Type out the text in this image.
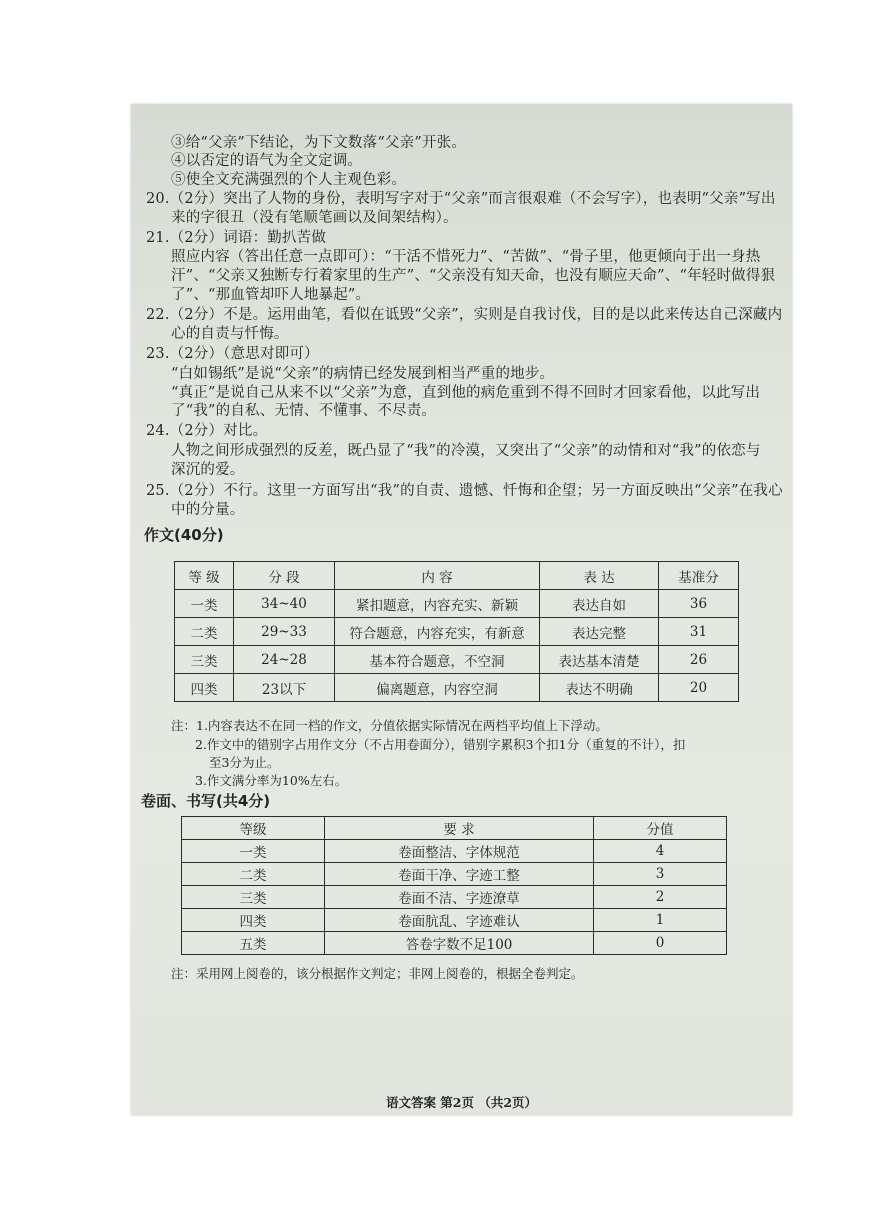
③给“父亲”下结论，为下文数落“父亲”开张。
④以否定的语气为全文定调。
⑤使全文充满强烈的个人主观色彩。
20.（2分）突出了人物的身份，表明写字对于“父亲”而言很艰难（不会写字），也表明“父亲”写出
来的字很丑（没有笔顺笔画以及间架结构）。
21.（2分）词语：勤扒苦做
照应内容（答出任意一点即可）：“干活不惜死力”、“苦做”、“骨子里，他更倾向于出一身热
汗”、“父亲又独断专行着家里的生产”、“父亲没有知天命，也没有顺应天命”、“年轻时做得狠
了”、“那血管却吓人地暴起”。
22.（2分）不是。运用曲笔，看似在诋毁“父亲”，实则是自我讨伐，目的是以此来传达自己深藏内
心的自责与忏悔。
23.（2分）（意思对即可）
“白如锡纸”是说“父亲”的病情已经发展到相当严重的地步。
“真正”是说自己从来不以“父亲”为意，直到他的病危重到不得不回时才回家看他，以此写出
了“我”的自私、无情、不懂事、不尽责。
24.（2分）对比。
人物之间形成强烈的反差，既凸显了“我”的冷漠，又突出了“父亲”的动情和对“我”的依恋与
深沉的爱。
25.（2分）不行。这里一方面写出“我”的自责、遗憾、忏悔和企望；另一方面反映出“父亲”在我心
中的分量。
作文(40分)
等 级	分 段	内 容	表 达	基准分
一类	34~40	紧扣题意，内容充实、新颖	表达自如	36
二类	29~33	符合题意，内容充实，有新意	表达完整	31
三类	24~28	基本符合题意，不空洞	表达基本清楚	26
四类	23以下	偏离题意，内容空洞	表达不明确	20
注：1.内容表达不在同一档的作文，分值依据实际情况在两档平均值上下浮动。
2.作文中的错别字占用作文分（不占用卷面分），错别字累积3个扣1分（重复的不计），扣
至3分为止。
3.作文满分率为10%左右。
卷面、书写(共4分)
等级	要 求	分值
一类	卷面整洁、字体规范	4
二类	卷面干净、字迹工整	3
三类	卷面不洁、字迹潦草	2
四类	卷面肮乱、字迹难认	1
五类	答卷字数不足100	0
注：采用网上阅卷的，该分根据作文判定；非网上阅卷的，根据全卷判定。
语文答案 第2页 （共2页）
